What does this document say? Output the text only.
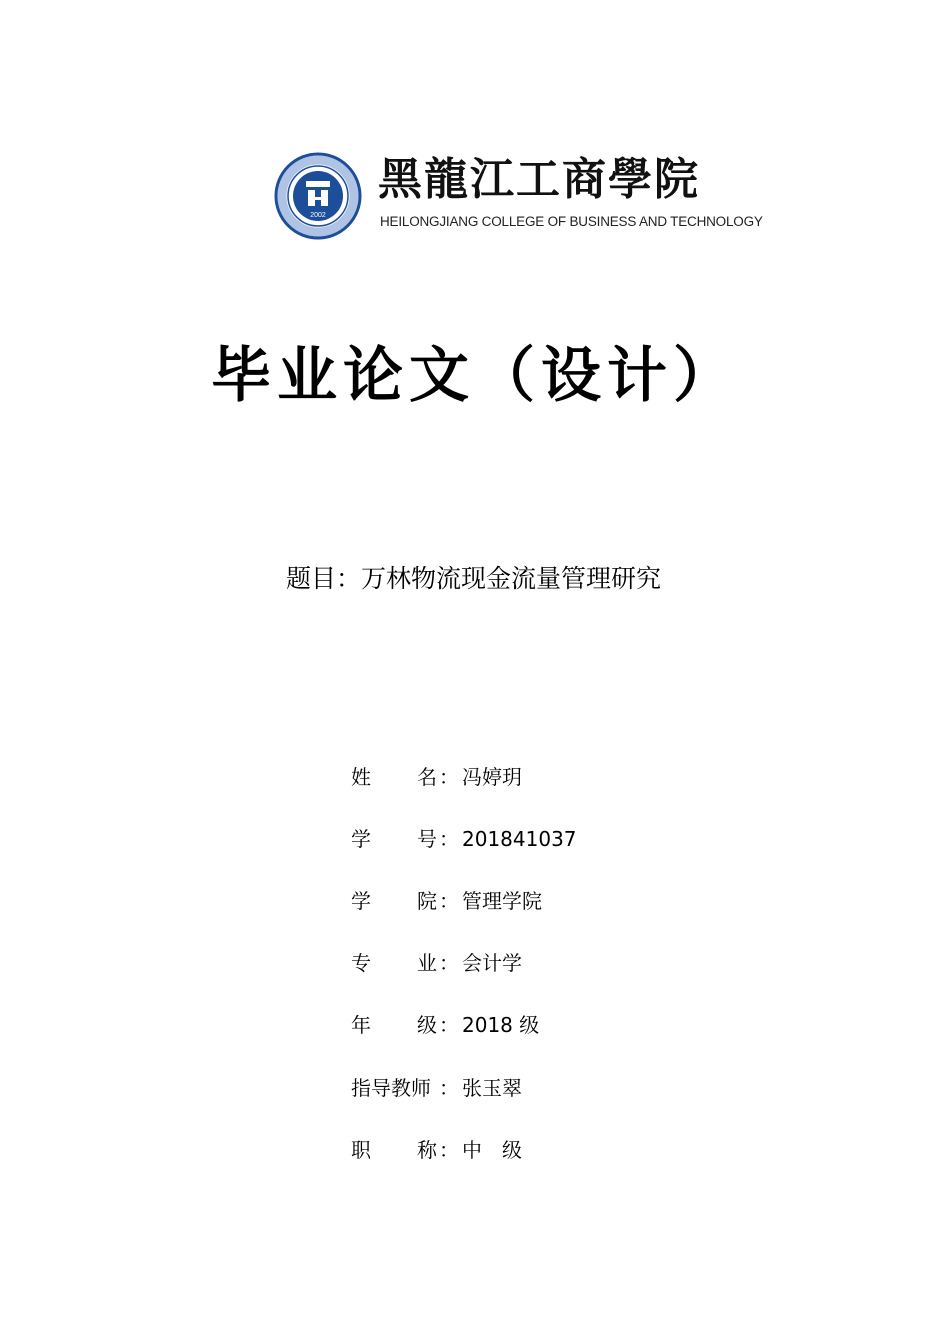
2002
黑龍江工商學院
HEILONGJIANG COLLEGE OF BUSINESS AND TECHNOLOGY
毕业论文（设计）
题目：万林物流现金流量管理研究
姓 名 ： 冯婷玥
学 号 ： 201841037
学 院 ： 管理学院
专 业 ： 会计学
年 级 ： 2018 级
指导教师 ： 张玉翠
职 称 ： 中　级
